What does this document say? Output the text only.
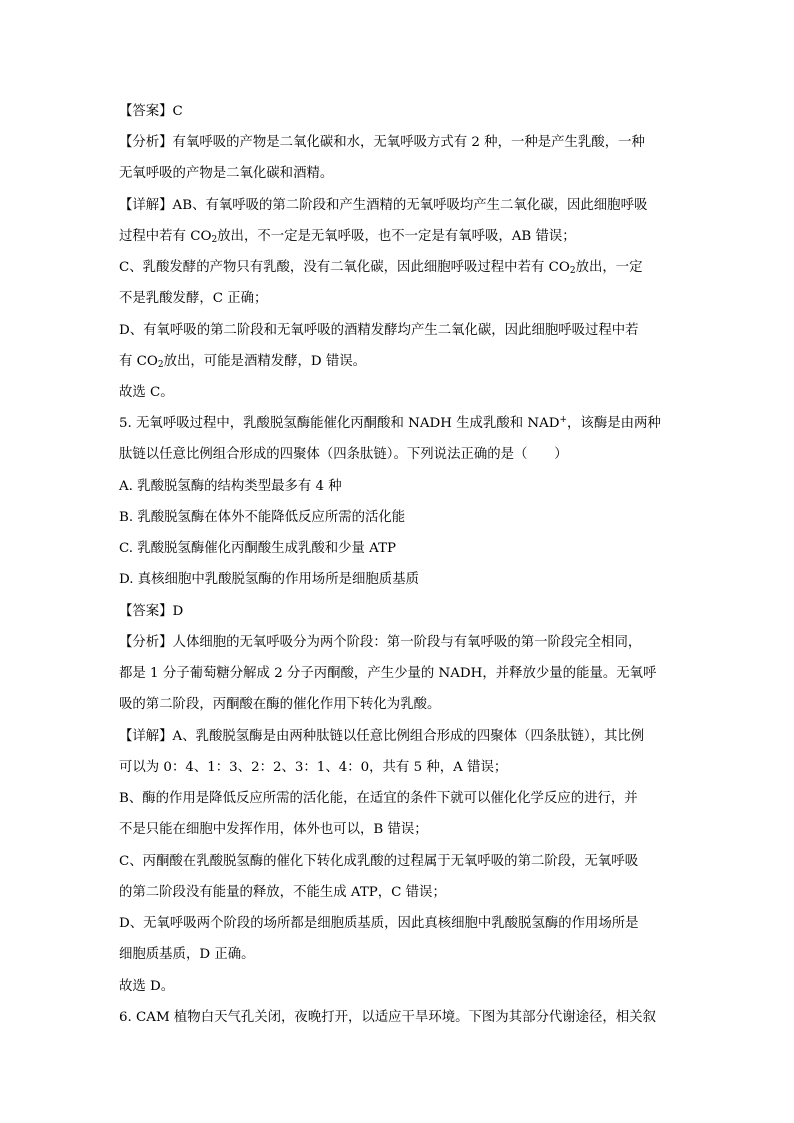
【答案】C
【分析】有氧呼吸的产物是二氧化碳和水，无氧呼吸方式有 2 种，一种是产生乳酸，一种
无氧呼吸的产物是二氧化碳和酒精。
【详解】AB、有氧呼吸的第二阶段和产生酒精的无氧呼吸均产生二氧化碳，因此细胞呼吸
过程中若有 $CO_2$放出，不一定是无氧呼吸，也不一定是有氧呼吸，AB 错误；
C、乳酸发酵的产物只有乳酸，没有二氧化碳，因此细胞呼吸过程中若有 $CO_2$放出，一定
不是乳酸发酵，C 正确；
D、有氧呼吸的第二阶段和无氧呼吸的酒精发酵均产生二氧化碳，因此细胞呼吸过程中若
有 $CO_2$放出，可能是酒精发酵，D 错误。
故选 C。
5. 无氧呼吸过程中，乳酸脱氢酶能催化丙酮酸和 NADH 生成乳酸和 NAD+，该酶是由两种
肽链以任意比例组合形成的四聚体（四条肽链）。下列说法正确的是（　　）
A. 乳酸脱氢酶的结构类型最多有 4 种
B. 乳酸脱氢酶在体外不能降低反应所需的活化能
C. 乳酸脱氢酶催化丙酮酸生成乳酸和少量 ATP
D. 真核细胞中乳酸脱氢酶的作用场所是细胞质基质
【答案】D
【分析】人体细胞的无氧呼吸分为两个阶段：第一阶段与有氧呼吸的第一阶段完全相同，
都是 1 分子葡萄糖分解成 2 分子丙酮酸，产生少量的 NADH，并释放少量的能量。无氧呼
吸的第二阶段，丙酮酸在酶的催化作用下转化为乳酸。
【详解】A、乳酸脱氢酶是由两种肽链以任意比例组合形成的四聚体（四条肽链），其比例
可以为 0：4、1：3、2：2、3：1、4：0，共有 5 种，A 错误；
B、酶的作用是降低反应所需的活化能，在适宜的条件下就可以催化化学反应的进行，并
不是只能在细胞中发挥作用，体外也可以，B 错误；
C、丙酮酸在乳酸脱氢酶的催化下转化成乳酸的过程属于无氧呼吸的第二阶段，无氧呼吸
的第二阶段没有能量的释放，不能生成 ATP，C 错误；
D、无氧呼吸两个阶段的场所都是细胞质基质，因此真核细胞中乳酸脱氢酶的作用场所是
细胞质基质，D 正确。
故选 D。
6. CAM 植物白天气孔关闭，夜晚打开，以适应干旱环境。下图为其部分代谢途径，相关叙
